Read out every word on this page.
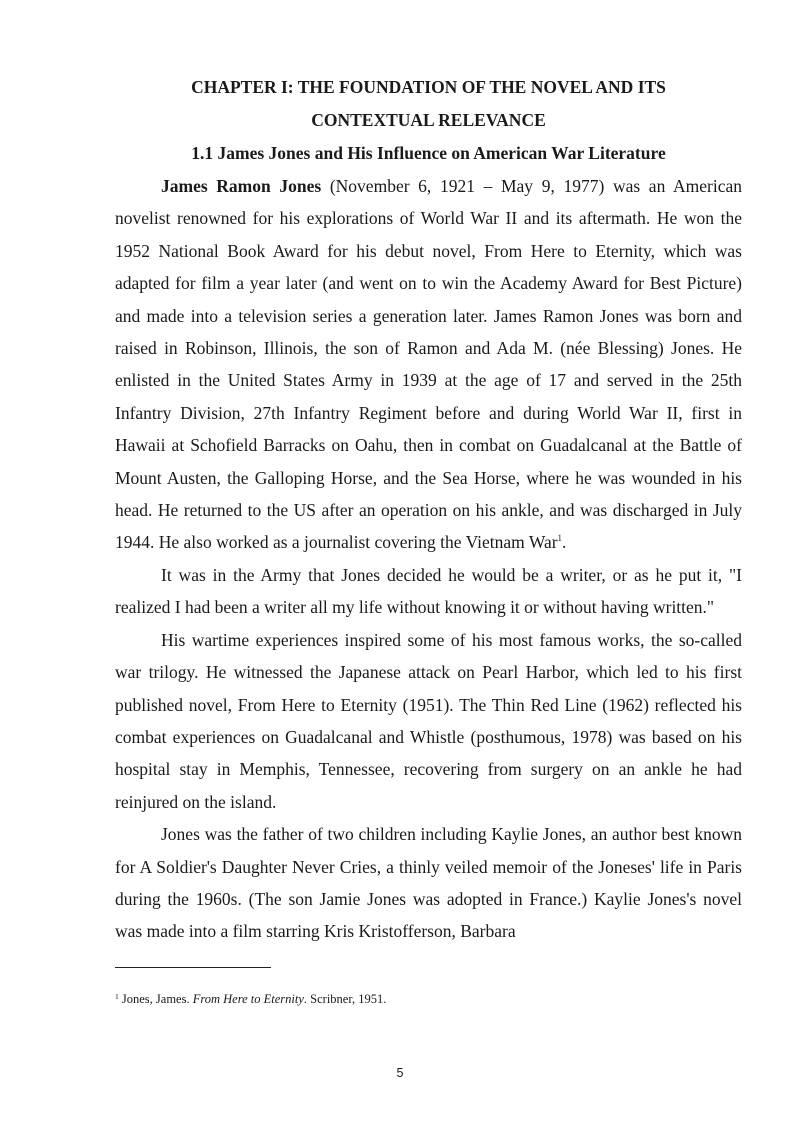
CHAPTER I: THE FOUNDATION OF THE NOVEL AND ITS
CONTEXTUAL RELEVANCE
1.1 James Jones and His Influence on American War Literature

James Ramon Jones (November 6, 1921 – May 9, 1977) was an American novelist renowned for his explorations of World War II and its aftermath. He won the 1952 National Book Award for his debut novel, From Here to Eternity, which was adapted for film a year later (and went on to win the Academy Award for Best Picture) and made into a television series a generation later. James Ramon Jones was born and raised in Robinson, Illinois, the son of Ramon and Ada M. (née Blessing) Jones. He enlisted in the United States Army in 1939 at the age of 17 and served in the 25th Infantry Division, 27th Infantry Regiment before and during World War II, first in Hawaii at Schofield Barracks on Oahu, then in combat on Guadalcanal at the Battle of Mount Austen, the Galloping Horse, and the Sea Horse, where he was wounded in his head. He returned to the US after an operation on his ankle, and was discharged in July 1944. He also worked as a journalist covering the Vietnam War$^1$.

It was in the Army that Jones decided he would be a writer, or as he put it, "I realized I had been a writer all my life without knowing it or without having written."

His wartime experiences inspired some of his most famous works, the so-called war trilogy. He witnessed the Japanese attack on Pearl Harbor, which led to his first published novel, From Here to Eternity (1951). The Thin Red Line (1962) reflected his combat experiences on Guadalcanal and Whistle (posthumous, 1978) was based on his hospital stay in Memphis, Tennessee, recovering from surgery on an ankle he had reinjured on the island.

Jones was the father of two children including Kaylie Jones, an author best known for A Soldier's Daughter Never Cries, a thinly veiled memoir of the Joneses' life in Paris during the 1960s. (The son Jamie Jones was adopted in France.) Kaylie Jones's novel was made into a film starring Kris Kristofferson, Barbara

$^1$ Jones, James. From Here to Eternity. Scribner, 1951.
5
